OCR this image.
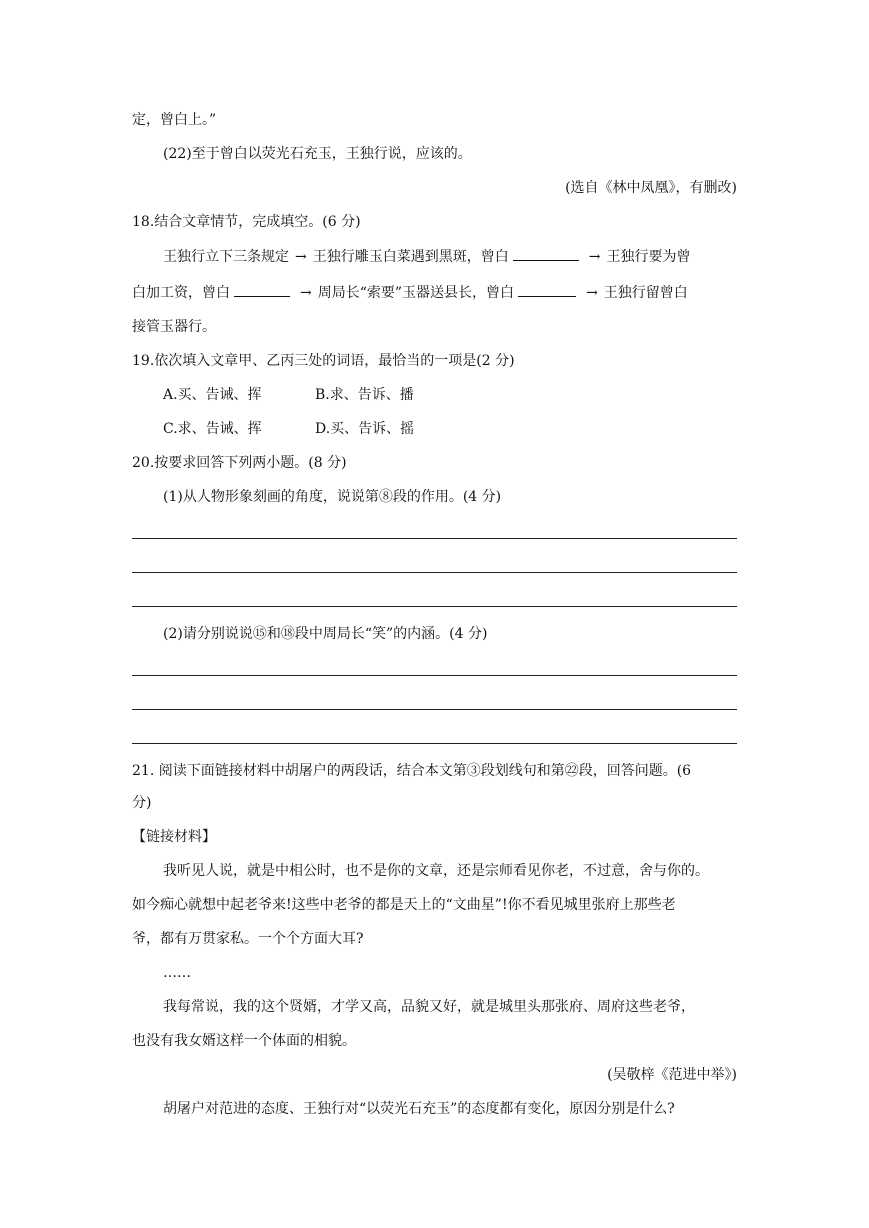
定，曾白上。”
(22)至于曾白以荧光石充玉，王独行说，应该的。
(选自《林中凤凰》，有删改)
18.结合文章情节，完成填空。(6 分)
王独行立下三条规定 → 王独行雕玉白菜遇到黑斑，曾白	→ 王独行要为曾
白加工资，曾白	→ 周局长“索要”玉器送县长，曾白	→ 王独行留曾白
接管玉器行。
19.依次填入文章甲、乙丙三处的词语，最恰当的一项是(2 分)
A.买、告诫、挥	B.求、告诉、播
C.求、告诫、挥	D.买、告诉、摇
20.按要求回答下列两小题。(8 分)
(1)从人物形象刻画的角度，说说第⑧段的作用。(4 分)
(2)请分别说说⑮和⑱段中周局长“笑”的内涵。(4 分)
21. 阅读下面链接材料中胡屠户的两段话，结合本文第③段划线句和第㉒段，回答问题。(6
分)
【链接材料】
我听见人说，就是中相公时，也不是你的文章，还是宗师看见你老，不过意，舍与你的。
如今痴心就想中起老爷来!这些中老爷的都是天上的“文曲星”!你不看见城里张府上那些老
爷，都有万贯家私。一个个方面大耳?
……
我每常说，我的这个贤婿，才学又高，品貌又好，就是城里头那张府、周府这些老爷，
也没有我女婿这样一个体面的相貌。
(吴敬梓《范进中举》)
胡屠户对范进的态度、王独行对“以荧光石充玉”的态度都有变化，原因分别是什么?
